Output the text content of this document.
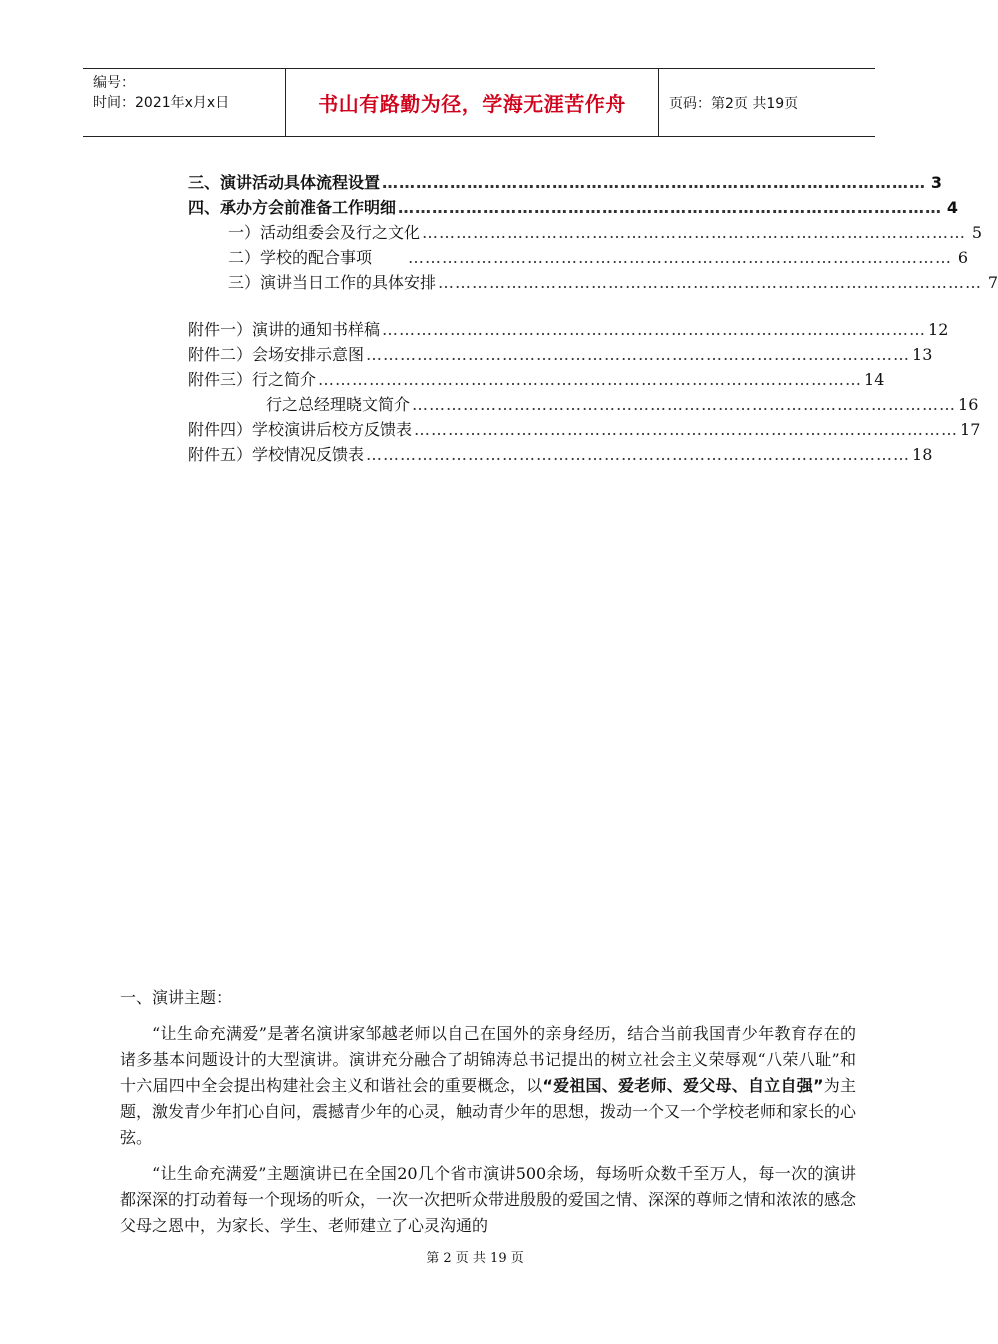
编号：
时间：2021年x月x日	书山有路勤为径，学海无涯苦作舟	页码：第2页 共19页
三、演讲活动具体流程设置 …………………………………………………………………………………… 3
四、承办方会前准备工作明细 …………………………………………………………………………………… 4
一）活动组委会及行之文化 …………………………………………………………………………………… 5
二）学校的配合事项 …………………………………………………………………………………… 6
三）演讲当日工作的具体安排 …………………………………………………………………………………… 7
附件一）演讲的通知书样稿 …………………………………………………………………………………… 12
附件二）会场安排示意图 …………………………………………………………………………………… 13
附件三）行之简介 …………………………………………………………………………………… 14
行之总经理晓文简介 …………………………………………………………………………………… 16
附件四）学校演讲后校方反馈表 …………………………………………………………………………………… 17
附件五）学校情况反馈表 …………………………………………………………………………………… 18
一、演讲主题：

“让生命充满爱”是著名演讲家邹越老师以自己在国外的亲身经历，结合当前我国青少年教育存在的诸多基本问题设计的大型演讲。演讲充分融合了胡锦涛总书记提出的树立社会主义荣辱观“八荣八耻”和十六届四中全会提出构建社会主义和谐社会的重要概念，以“爱祖国、爱老师、爱父母、自立自强”为主题，激发青少年扪心自问，震撼青少年的心灵，触动青少年的思想，拨动一个又一个学校老师和家长的心弦。

“让生命充满爱”主题演讲已在全国20几个省市演讲500余场，每场听众数千至万人，每一次的演讲都深深的打动着每一个现场的听众，一次一次把听众带进殷殷的爱国之情、深深的尊师之情和浓浓的感念父母之恩中，为家长、学生、老师建立了心灵沟通的

第 2 页 共 19 页
